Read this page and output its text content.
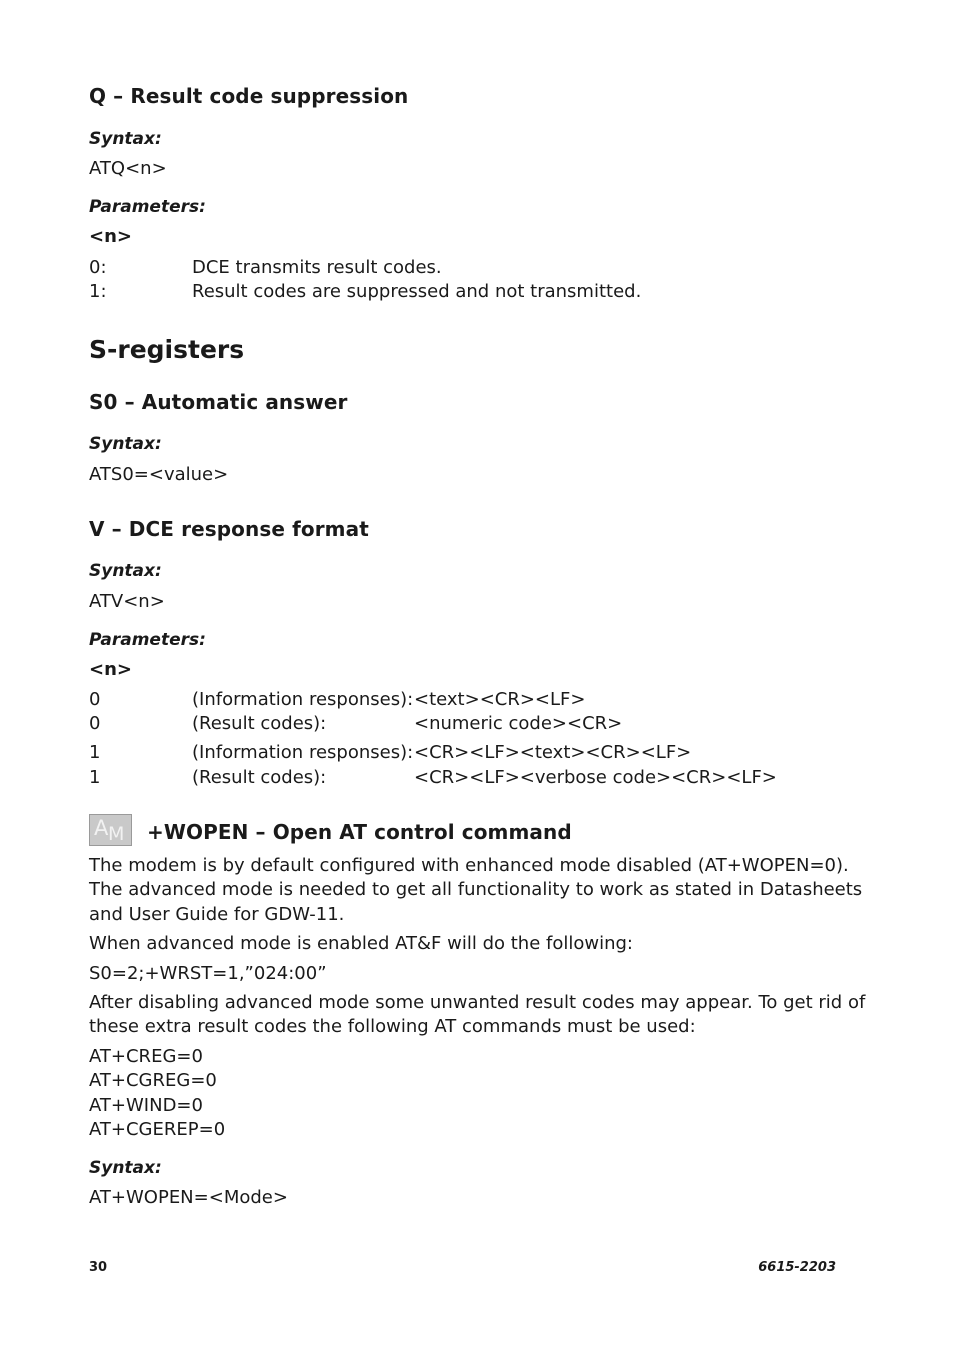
Q – Result code suppression
Syntax:
ATQ<n>
Parameters:
<n>
0:	DCE transmits result codes.
1:	Result codes are suppressed and not transmitted.
S-registers
S0 – Automatic answer
Syntax:
ATS0=<value>
V – DCE response format
Syntax:
ATV<n>
Parameters:
<n>
0	(Information responses): <text><CR><LF>
0	(Result codes):	<numeric code><CR>
1	(Information responses): <CR><LF><text><CR><LF>
1	(Result codes):	<CR><LF><verbose code><CR><LF>
A M +WOPEN – Open AT control command
The modem is by default configured with enhanced mode disabled (AT+WOPEN=0).
The advanced mode is needed to get all functionality to work as stated in Datasheets
and User Guide for GDW-11.
When advanced mode is enabled AT&F will do the following:
S0=2;+WRST=1,”024:00”
After disabling advanced mode some unwanted result codes may appear. To get rid of
these extra result codes the following AT commands must be used:
AT+CREG=0
AT+CGREG=0
AT+WIND=0
AT+CGEREP=0
Syntax:
AT+WOPEN=<Mode>
30	6615-2203
